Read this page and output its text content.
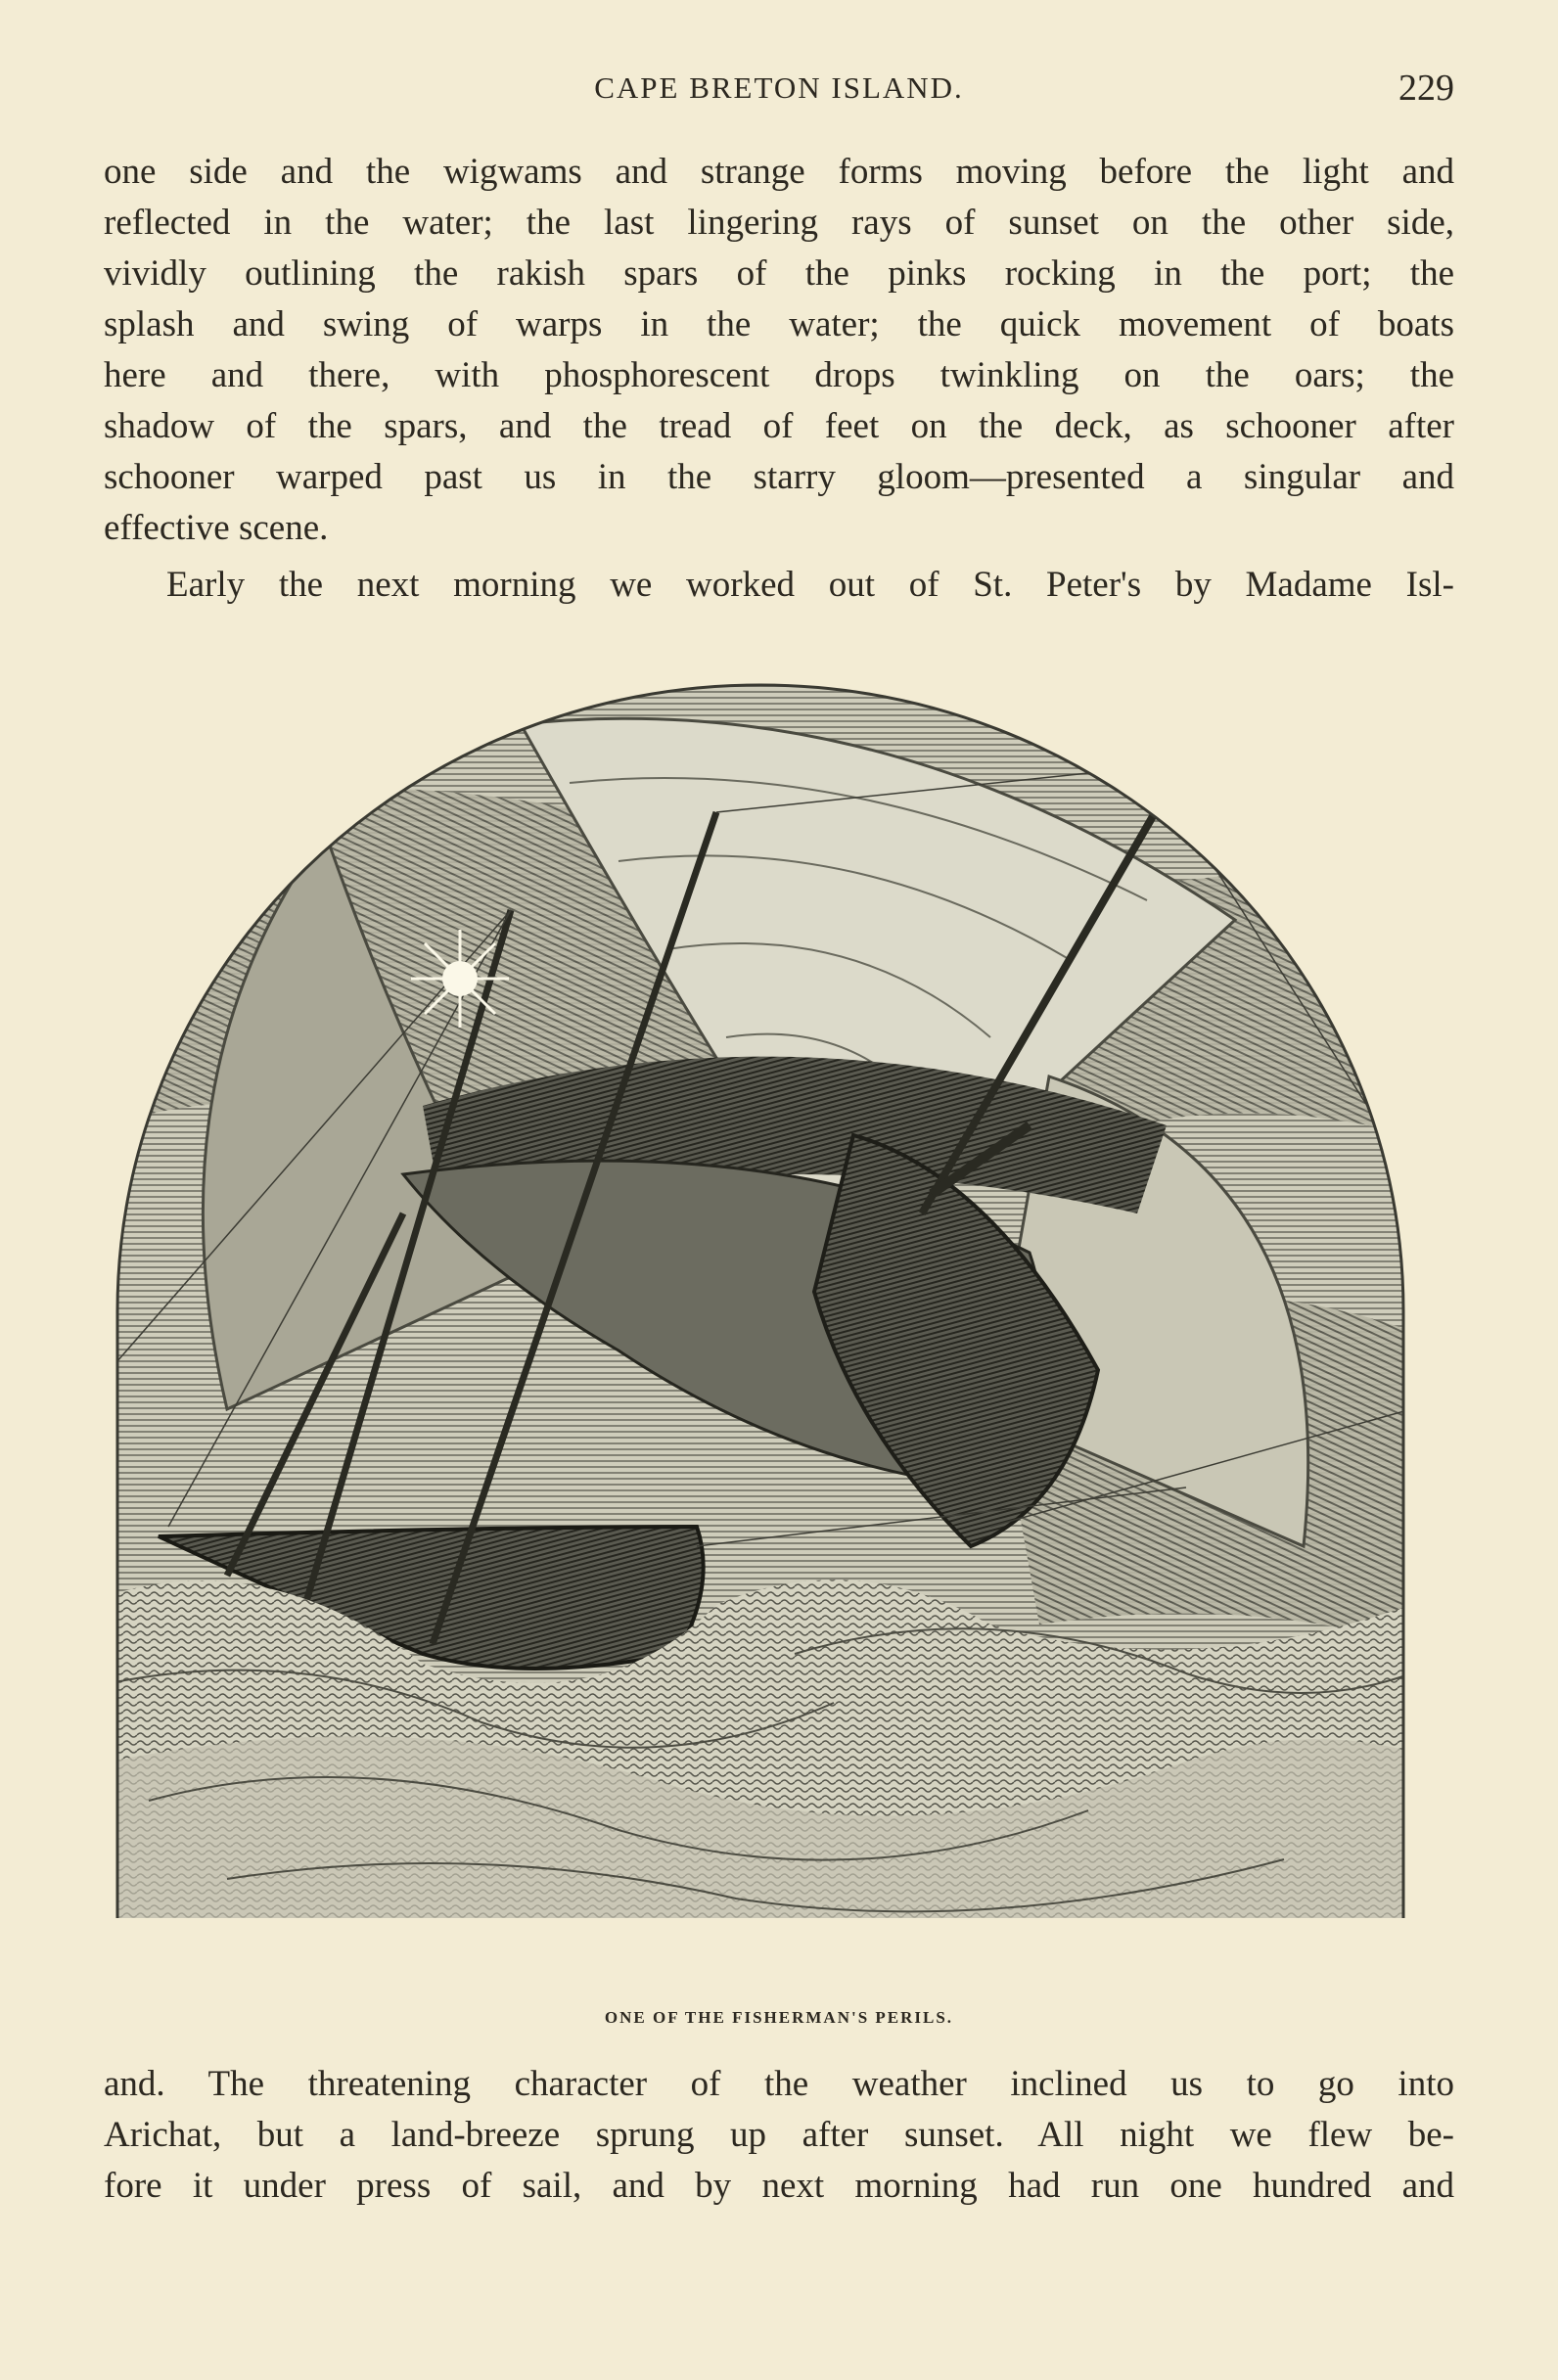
CAPE BRETON ISLAND.	229

one side and the wigwams and strange forms moving before the light and
reflected in the water; the last lingering rays of sunset on the other side,
vividly outlining the rakish spars of the pinks rocking in the port; the
splash and swing of warps in the water; the quick movement of boats
here and there, with phosphorescent drops twinkling on the oars; the
shadow of the spars, and the tread of feet on the deck, as schooner after
schooner warped past us in the starry gloom—presented a singular and
effective scene.

Early the next morning we worked out of St. Peter's by Madame Isl-

ONE OF THE FISHERMAN'S PERILS.

and. The threatening character of the weather inclined us to go into
Arichat, but a land-breeze sprung up after sunset. All night we flew be-
fore it under press of sail, and by next morning had run one hundred and
